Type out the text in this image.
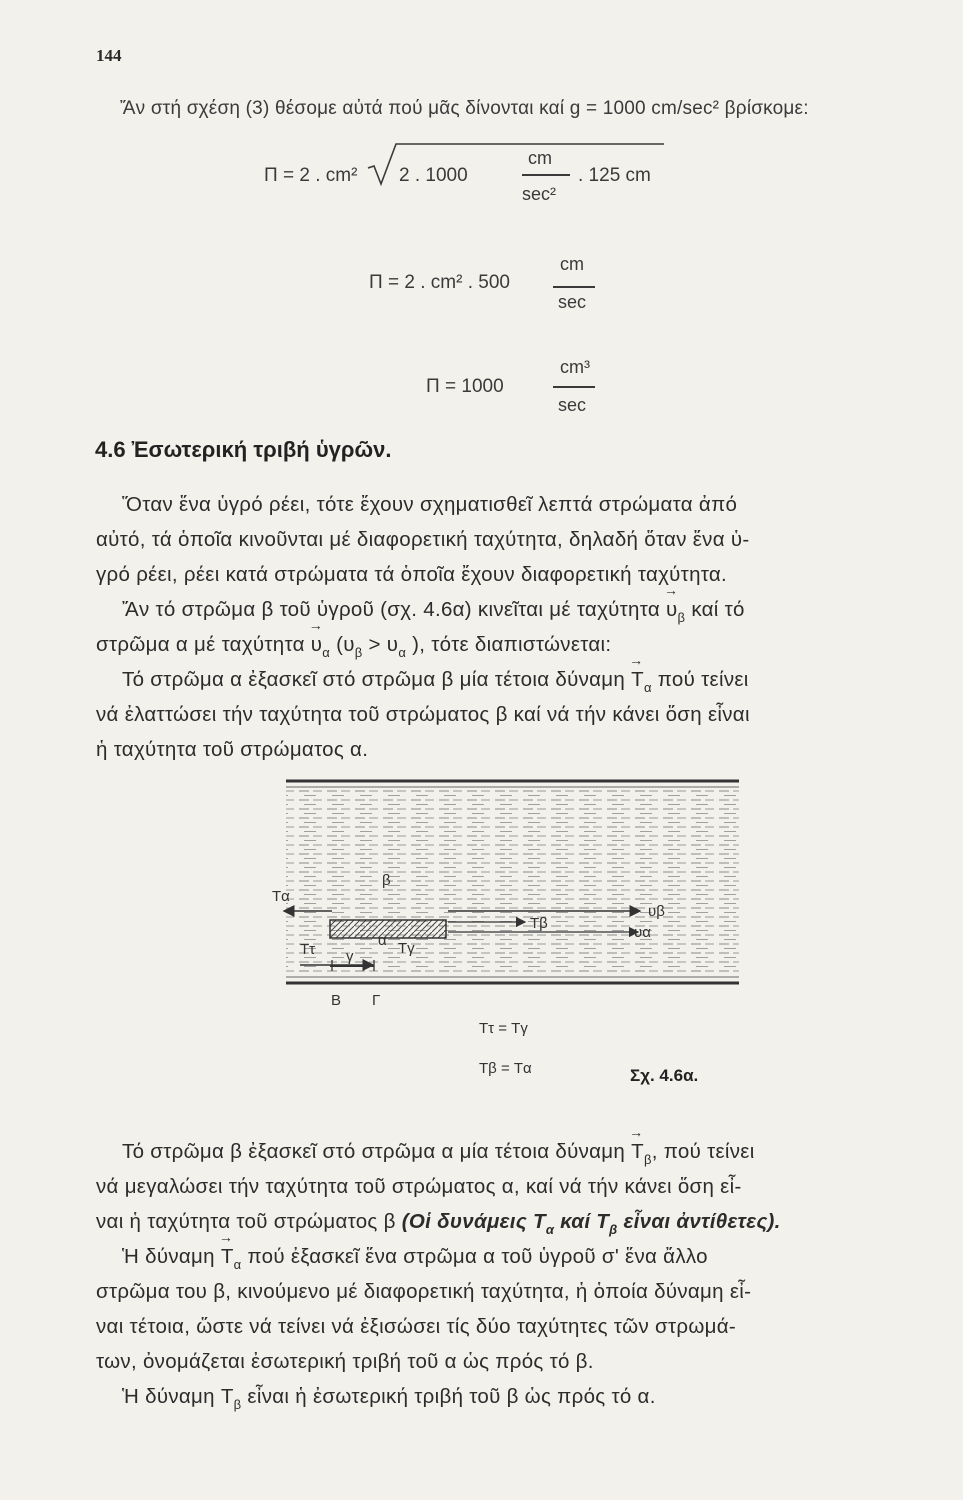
144
Ἄν στή σχέση (3) θέσομε αὐτά πού μᾶς δίνονται καί g = 1000 cm/sec² βρίσκομε:
Π = 2 . cm² 2 . 1000
cm
sec²
. 125 cm
Π = 2 . cm² . 500
cm
sec
Π = 1000
cm³
sec
4.6 Ἐσωτερική τριβή ὑγρῶν.
Ὅταν ἕνα ὑγρό ρέει, τότε ἔχουν σχηματισθεῖ λεπτά στρώματα ἀπό
αὐτό, τά ὁποῖα κινοῦνται μέ διαφορετική ταχύτητα, δηλαδή ὅταν ἕνα ὑ-
γρό ρέει, ρέει κατά στρώματα τά ὁποῖα ἔχουν διαφορετική ταχύτητα.
Ἄν τό στρῶμα β τοῦ ὑγροῦ (σχ. 4.6α) κινεῖται μέ $\tau\alpha\chi ύ\tau\eta\tau\alpha \to \upsilon_\beta$ καί τό
στρῶμα α μέ $\tau\alpha\chi ύ\tau\eta\tau\alpha \to \upsilon_\alpha$ ($\upsilon_\beta > \upsilon_\alpha$ ), τότε διαπιστώνεται:
Τό στρῶμα α ἐξασκεῖ στό στρῶμα β μία τέτοια $\delta ύ\nu\alpha\mu\eta \to T_\alpha$ πού τείνει
νά ἐλαττώσει τήν ταχύτητα τοῦ στρώματος β καί νά τήν κάνει ὅση εἶναι
ἡ ταχύτητα τοῦ στρώματος α.
Tα
β
Tβ
υβ
υα
Tτ γ
α Tγ
Β Γ
Tτ = Tγ
Tβ = Tα	Σχ. 4.6α.
Τό στρῶμα β ἐξασκεῖ στό στρῶμα α μία τέτοια $\delta ύ\nu\alpha\mu\eta \to T_\beta$, πού τείνει
νά μεγαλώσει τήν ταχύτητα τοῦ στρώματος α, καί νά τήν κάνει ὅση εἶ-
ναι ἡ ταχύτητα τοῦ στρώματος β (Οἱ δυνάμεις $T_\alpha$ καί $T_\beta$ εἶναι ἀντίθετες).
Ἡ $\delta ύ\nu\alpha\mu\eta \to T_\alpha$ πού ἐξασκεῖ ἕνα στρῶμα α τοῦ ὑγροῦ σ' ἕνα ἄλλο
στρῶμα του β, κινούμενο μέ διαφορετική ταχύτητα, ἡ ὁποία δύναμη εἶ-
ναι τέτοια, ὥστε νά τείνει νά ἐξισώσει τίς δύο ταχύτητες τῶν στρωμά-
των, ὀνομάζεται ἐσωτερική τριβή τοῦ α ὡς πρός τό β.
Ἡ δύναμη $T_\beta$ εἶναι ἡ ἐσωτερική τριβή τοῦ β ὡς πρός τό α.
